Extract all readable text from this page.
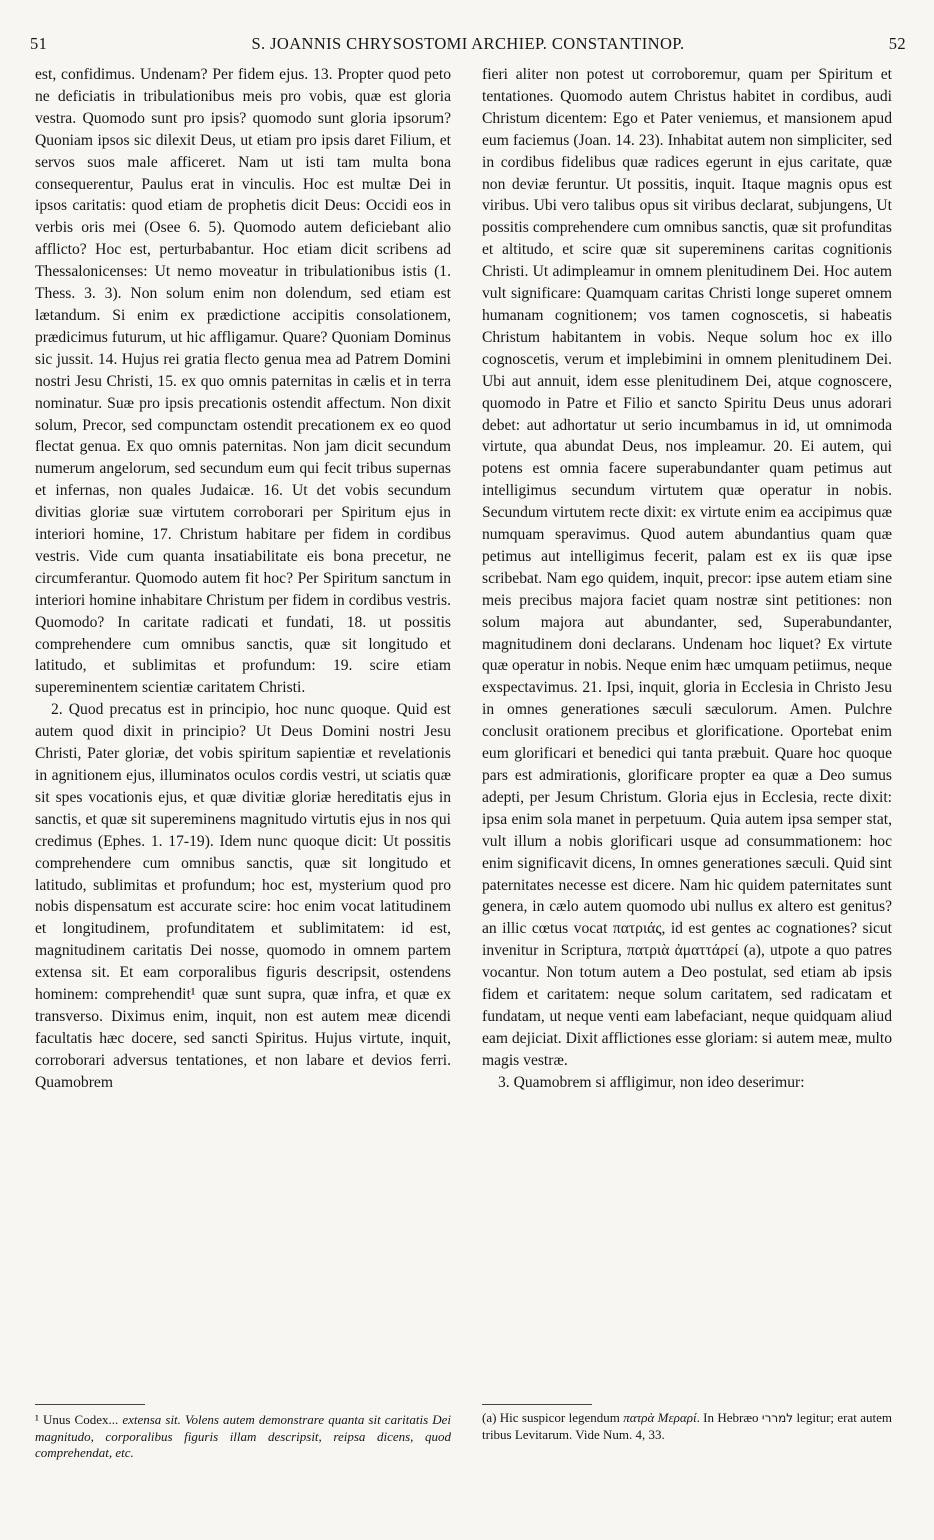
51	S. JOANNIS CHRYSOSTOMI ARCHIEP. CONSTANTINOP.	52

est, confidimus. Undenam? Per fidem ejus. 13. Propter quod peto ne deficiatis in tribulationibus meis pro vobis, quæ est gloria vestra. Quomodo sunt pro ipsis? quomodo sunt gloria ipsorum? Quoniam ipsos sic dilexit Deus, ut etiam pro ipsis daret Filium, et servos suos male afficeret. Nam ut isti tam multa bona consequerentur, Paulus erat in vinculis. Hoc est multæ Dei in ipsos caritatis: quod etiam de prophetis dicit Deus: Occidi eos in verbis oris mei (Osee 6. 5). Quomodo autem deficiebant alio afflicto? Hoc est, perturbabantur. Hoc etiam dicit scribens ad Thessalonicenses: Ut nemo moveatur in tribulationibus istis (1. Thess. 3. 3). Non solum enim non dolendum, sed etiam est lætandum. Si enim ex prædictione accipitis consolationem, prædicimus futurum, ut hic affligamur. Quare? Quoniam Dominus sic jussit. 14. Hujus rei gratia flecto genua mea ad Patrem Domini nostri Jesu Christi, 15. ex quo omnis paternitas in cælis et in terra nominatur. Suæ pro ipsis precationis ostendit affectum. Non dixit solum, Precor, sed compunctam ostendit precationem ex eo quod flectat genua. Ex quo omnis paternitas. Non jam dicit secundum numerum angelorum, sed secundum eum qui fecit tribus supernas et infernas, non quales Judaicæ. 16. Ut det vobis secundum divitias gloriæ suæ virtutem corroborari per Spiritum ejus in interiori homine, 17. Christum habitare per fidem in cordibus vestris. Vide cum quanta insatiabilitate eis bona precetur, ne circumferantur. Quomodo autem fit hoc? Per Spiritum sanctum in interiori homine inhabitare Christum per fidem in cordibus vestris. Quomodo? In caritate radicati et fundati, 18. ut possitis comprehendere cum omnibus sanctis, quæ sit longitudo et latitudo, et sublimitas et profundum: 19. scire etiam supereminentem scientiæ caritatem Christi.

2. Quod precatus est in principio, hoc nunc quoque. Quid est autem quod dixit in principio? Ut Deus Domini nostri Jesu Christi, Pater gloriæ, det vobis spiritum sapientiæ et revelationis in agnitionem ejus, illuminatos oculos cordis vestri, ut sciatis quæ sit spes vocationis ejus, et quæ divitiæ gloriæ hereditatis ejus in sanctis, et quæ sit supereminens magnitudo virtutis ejus in nos qui credimus (Ephes. 1. 17-19). Idem nunc quoque dicit: Ut possitis comprehendere cum omnibus sanctis, quæ sit longitudo et latitudo, sublimitas et profundum; hoc est, mysterium quod pro nobis dispensatum est accurate scire: hoc enim vocat latitudinem et longitudinem, profunditatem et sublimitatem: id est, magnitudinem caritatis Dei nosse, quomodo in omnem partem extensa sit. Et eam corporalibus figuris descripsit, ostendens hominem: comprehendit¹ quæ sunt supra, quæ infra, et quæ ex transverso. Diximus enim, inquit, non est autem meæ dicendi facultatis hæc docere, sed sancti Spiritus. Hujus virtute, inquit, corroborari adversus tentationes, et non labare et devios ferri. Quamobrem

fieri aliter non potest ut corroboremur, quam per Spiritum et tentationes. Quomodo autem Christus habitet in cordibus, audi Christum dicentem: Ego et Pater veniemus, et mansionem apud eum faciemus (Joan. 14. 23). Inhabitat autem non simpliciter, sed in cordibus fidelibus quæ radices egerunt in ejus caritate, quæ non deviæ feruntur. Ut possitis, inquit. Itaque magnis opus est viribus. Ubi vero talibus opus sit viribus declarat, subjungens, Ut possitis comprehendere cum omnibus sanctis, quæ sit profunditas et altitudo, et scire quæ sit supereminens caritas cognitionis Christi. Ut adimpleamur in omnem plenitudinem Dei. Hoc autem vult significare: Quamquam caritas Christi longe superet omnem humanam cognitionem; vos tamen cognoscetis, si habeatis Christum habitantem in vobis. Neque solum hoc ex illo cognoscetis, verum et implebimini in omnem plenitudinem Dei. Ubi aut annuit, idem esse plenitudinem Dei, atque cognoscere, quomodo in Patre et Filio et sancto Spiritu Deus unus adorari debet: aut adhortatur ut serio incumbamus in id, ut omnimoda virtute, qua abundat Deus, nos impleamur. 20. Ei autem, qui potens est omnia facere superabundanter quam petimus aut intelligimus secundum virtutem quæ operatur in nobis. Secundum virtutem recte dixit: ex virtute enim ea accipimus quæ numquam speravimus. Quod autem abundantius quam quæ petimus aut intelligimus fecerit, palam est ex iis quæ ipse scribebat. Nam ego quidem, inquit, precor: ipse autem etiam sine meis precibus majora faciet quam nostræ sint petitiones: non solum majora aut abundanter, sed, Superabundanter, magnitudinem doni declarans. Undenam hoc liquet? Ex virtute quæ operatur in nobis. Neque enim hæc umquam petiimus, neque exspectavimus. 21. Ipsi, inquit, gloria in Ecclesia in Christo Jesu in omnes generationes sæculi sæculorum. Amen. Pulchre conclusit orationem precibus et glorificatione. Oportebat enim eum glorificari et benedici qui tanta præbuit. Quare hoc quoque pars est admirationis, glorificare propter ea quæ a Deo sumus adepti, per Jesum Christum. Gloria ejus in Ecclesia, recte dixit: ipsa enim sola manet in perpetuum. Quia autem ipsa semper stat, vult illum a nobis glorificari usque ad consummationem: hoc enim significavit dicens, In omnes generationes sæculi. Quid sint paternitates necesse est dicere. Nam hic quidem paternitates sunt genera, in cælo autem quomodo ubi nullus ex altero est genitus? an illic cœtus vocat πατριάς, id est gentes ac cognationes? sicut invenitur in Scriptura, πατριὰ ἀματτάρεί (a), utpote a quo patres vocantur. Non totum autem a Deo postulat, sed etiam ab ipsis fidem et caritatem: neque solum caritatem, sed radicatam et fundatam, ut neque venti eam labefaciant, neque quidquam aliud eam dejiciat. Dixit afflictiones esse gloriam: si autem meæ, multo magis vestræ.

3. Quamobrem si affligimur, non ideo deserimur:

¹ Unus Codex... extensa sit. Volens autem demonstrare quanta sit caritatis Dei magnitudo, corporalibus figuris illam descripsit, reipsa dicens, quod comprehendat, etc.
(a) Hic suspicor legendum πατρὰ Μεραρί. In Hebræo למררי legitur; erat autem tribus Levitarum. Vide Num. 4, 33.
